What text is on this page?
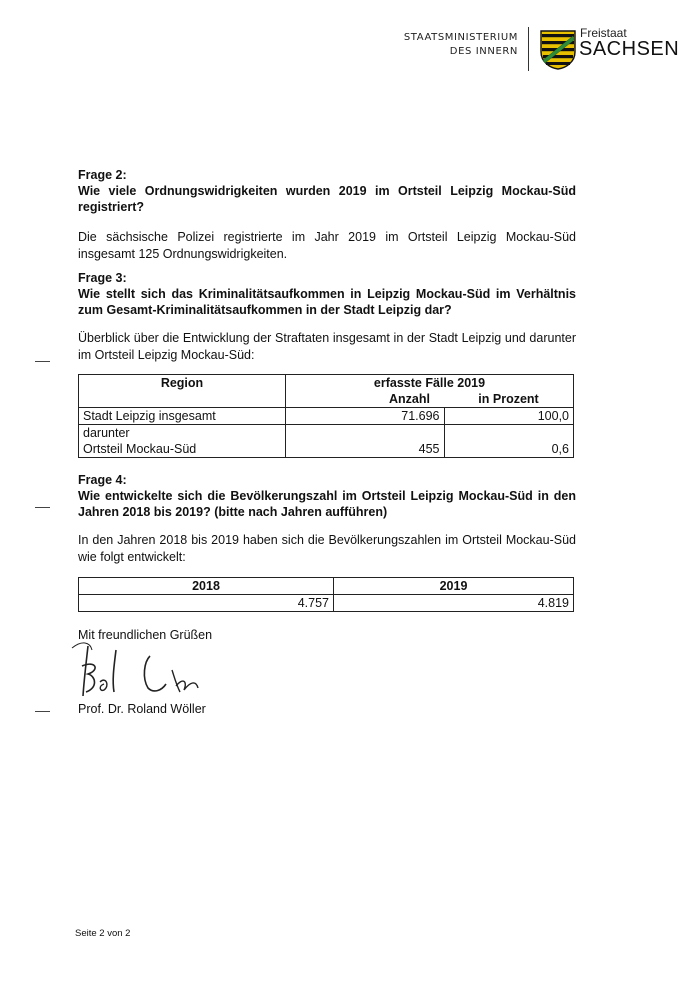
STAATSMINISTERIUM
DES INNERN
Freistaat
SACHSEN

Frage 2:

Wie viele Ordnungswidrigkeiten wurden 2019 im Ortsteil Leipzig Mockau-Süd registriert?

Die sächsische Polizei registrierte im Jahr 2019 im Ortsteil Leipzig Mockau-Süd insgesamt 125 Ordnungswidrigkeiten.

Frage 3:

Wie stellt sich das Kriminalitätsaufkommen in Leipzig Mockau-Süd im Verhältnis zum Gesamt-Kriminalitätsaufkommen in der Stadt Leipzig dar?

Überblick über die Entwicklung der Straftaten insgesamt in der Stadt Leipzig und darunter im Ortsteil Leipzig Mockau-Süd:

Region	erfasste Fälle 2019	
	Anzahl	in Prozent
Stadt Leipzig insgesamt	71.696	100,0
darunter		
Ortsteil Mockau-Süd	455	0,6

Frage 4:

Wie entwickelte sich die Bevölkerungszahl im Ortsteil Leipzig Mockau-Süd in den Jahren 2018 bis 2019? (bitte nach Jahren aufführen)

In den Jahren 2018 bis 2019 haben sich die Bevölkerungszahlen im Ortsteil Mockau-Süd wie folgt entwickelt:

2018	2019
4.757	4.819

Mit freundlichen Grüßen

Prof. Dr. Roland Wöller

Seite 2 von 2
